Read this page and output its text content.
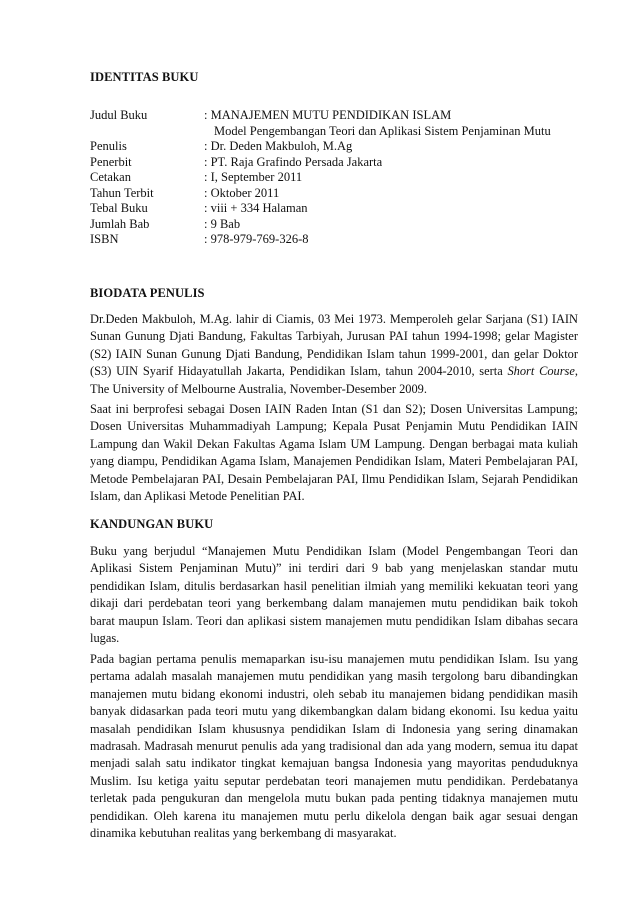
IDENTITAS BUKU
Judul Buku	: MANAJEMEN MUTU PENDIDIKAN ISLAM
Model Pengembangan Teori dan Aplikasi Sistem Penjaminan Mutu
Penulis	: Dr. Deden Makbuloh, M.Ag
Penerbit	: PT. Raja Grafindo Persada Jakarta
Cetakan	: I, September 2011
Tahun Terbit	: Oktober 2011
Tebal Buku	: viii + 334 Halaman
Jumlah Bab	: 9 Bab
ISBN	: 978-979-769-326-8
BIODATA PENULIS

Dr.Deden Makbuloh, M.Ag. lahir di Ciamis, 03 Mei 1973. Memperoleh gelar Sarjana (S1) IAIN Sunan Gunung Djati Bandung, Fakultas Tarbiyah, Jurusan PAI tahun 1994-1998; gelar Magister (S2) IAIN Sunan Gunung Djati Bandung, Pendidikan Islam tahun 1999-2001, dan gelar Doktor (S3) UIN Syarif Hidayatullah Jakarta, Pendidikan Islam, tahun 2004-2010, serta Short Course, The University of Melbourne Australia, November-Desember 2009.

Saat ini berprofesi sebagai Dosen IAIN Raden Intan (S1 dan S2); Dosen Universitas Lampung; Dosen Universitas Muhammadiyah Lampung; Kepala Pusat Penjamin Mutu Pendidikan IAIN Lampung dan Wakil Dekan Fakultas Agama Islam UM Lampung. Dengan berbagai mata kuliah yang diampu, Pendidikan Agama Islam, Manajemen Pendidikan Islam, Materi Pembelajaran PAI, Metode Pembelajaran PAI, Desain Pembelajaran PAI, Ilmu Pendidikan Islam, Sejarah Pendidikan Islam, dan Aplikasi Metode Penelitian PAI.

KANDUNGAN BUKU

Buku yang berjudul “Manajemen Mutu Pendidikan Islam (Model Pengembangan Teori dan Aplikasi Sistem Penjaminan Mutu)” ini terdiri dari 9 bab yang menjelaskan standar mutu pendidikan Islam, ditulis berdasarkan hasil penelitian ilmiah yang memiliki kekuatan teori yang dikaji dari perdebatan teori yang berkembang dalam manajemen mutu pendidikan baik tokoh barat maupun Islam. Teori dan aplikasi sistem manajemen mutu pendidikan Islam dibahas secara lugas.

Pada bagian pertama penulis memaparkan isu-isu manajemen mutu pendidikan Islam. Isu yang pertama adalah masalah manajemen mutu pendidikan yang masih tergolong baru dibandingkan manajemen mutu bidang ekonomi industri, oleh sebab itu manajemen bidang pendidikan masih banyak didasarkan pada teori mutu yang dikembangkan dalam bidang ekonomi. Isu kedua yaitu masalah pendidikan Islam khususnya pendidikan Islam di Indonesia yang sering dinamakan madrasah. Madrasah menurut penulis ada yang tradisional dan ada yang modern, semua itu dapat menjadi salah satu indikator tingkat kemajuan bangsa Indonesia yang mayoritas penduduknya Muslim. Isu ketiga yaitu seputar perdebatan teori manajemen mutu pendidikan. Perdebatanya terletak pada pengukuran dan mengelola mutu bukan pada penting tidaknya manajemen mutu pendidikan. Oleh karena itu manajemen mutu perlu dikelola dengan baik agar sesuai dengan dinamika kebutuhan realitas yang berkembang di masyarakat.
